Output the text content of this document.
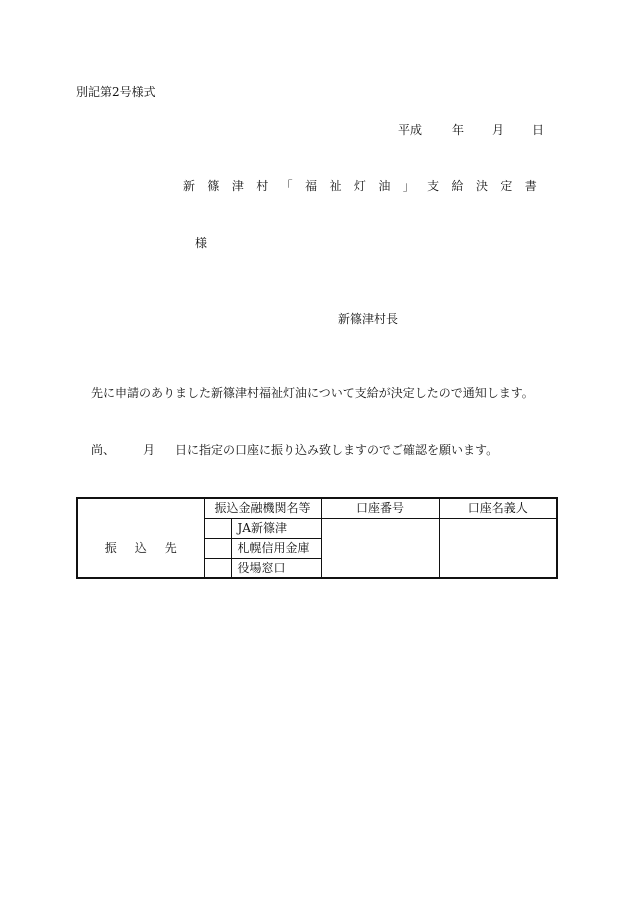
別記第2号様式
平成	年 月 日
新 篠 津 村 「 福 祉 灯 油 」 支 給 決 定 書
様
新篠津村長
先に申請のありました新篠津村福祉灯油について支給が決定したので通知します。
尚、 月 日に指定の口座に振り込み致しますのでご確認を願います。
	振込金融機関名等		口座番号	口座名義人
振込先		JA新篠津		
		札幌信用金庫		
		役場窓口		
